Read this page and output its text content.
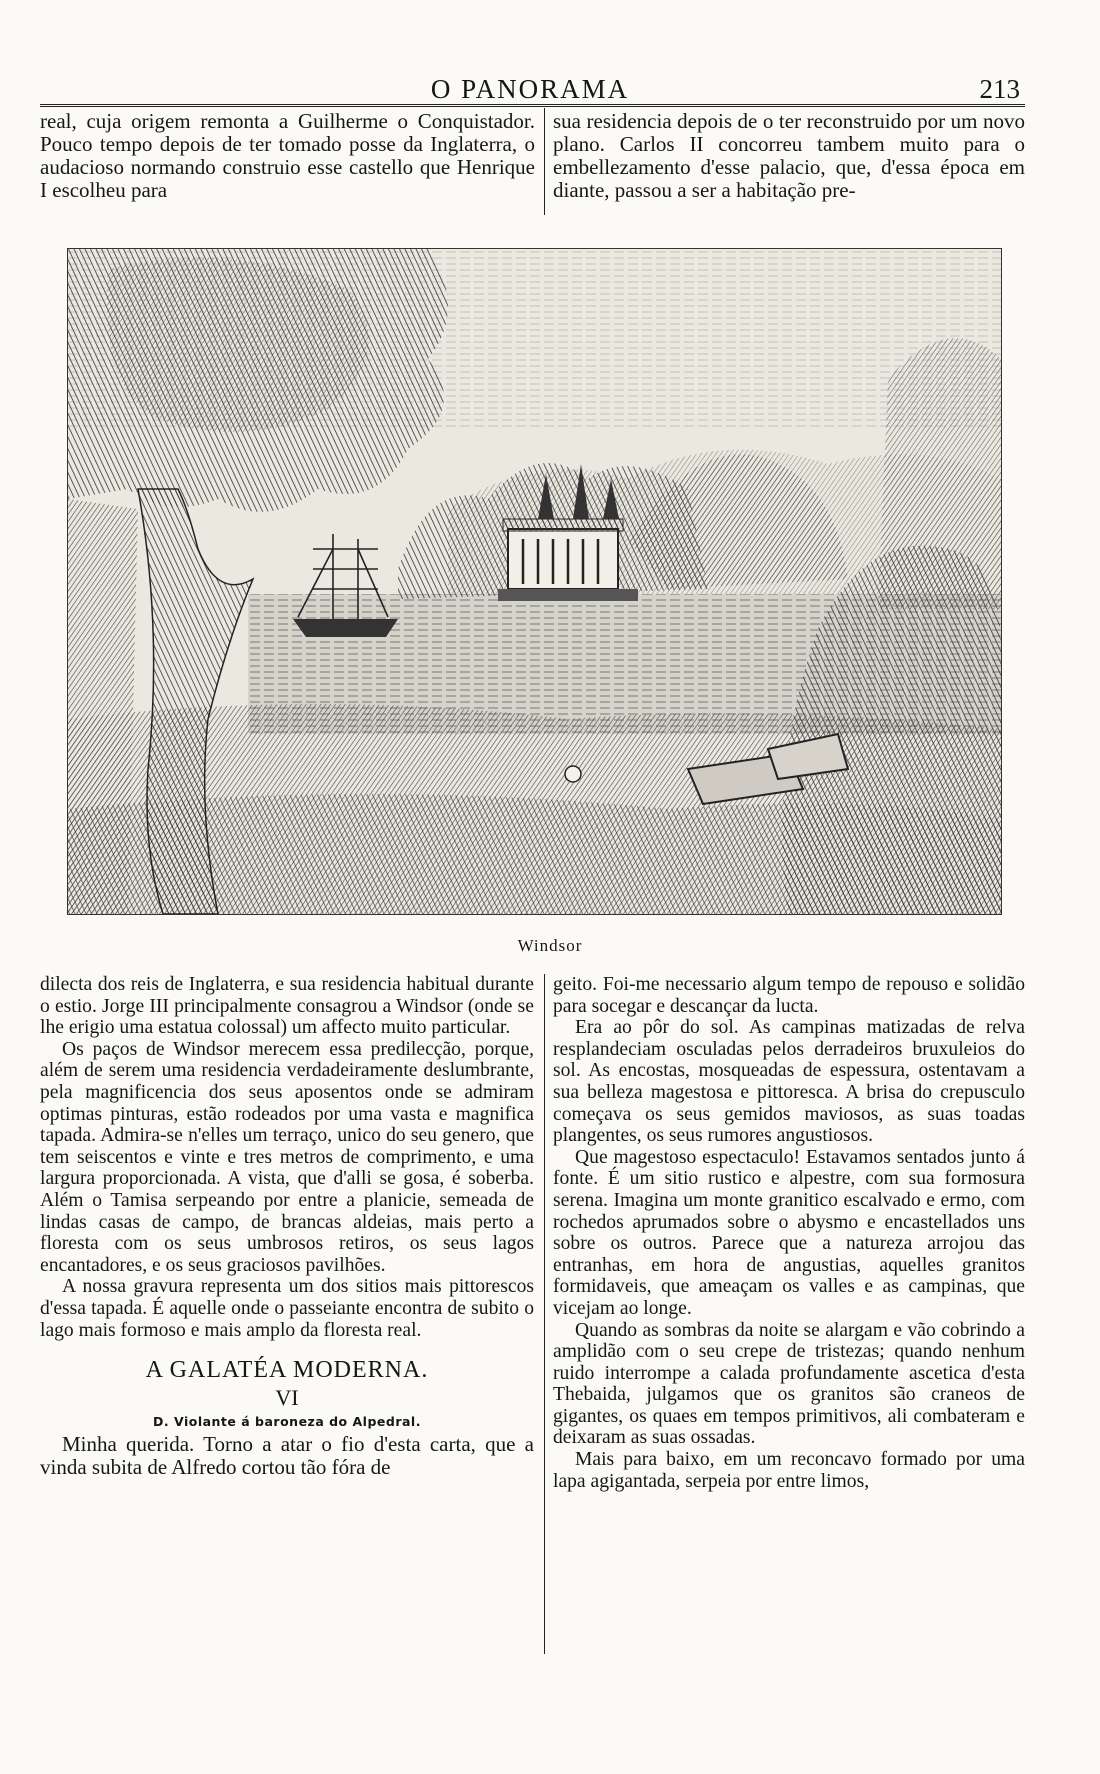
O PANORAMA	213

real, cuja origem remonta a Guilherme o Conquistador. Pouco tempo depois de ter tomado posse da Inglaterra, o audacioso normando construio esse castello que Henrique I escolheu para

sua residencia depois de o ter reconstruido por um novo plano. Carlos II concorreu tambem muito para o embellezamento d'esse palacio, que, d'essa época em diante, passou a ser a habitação pre-

Windsor

dilecta dos reis de Inglaterra, e sua residencia habitual durante o estio. Jorge III principalmente consagrou a Windsor (onde se lhe erigio uma estatua colossal) um affecto muito particular.

Os paços de Windsor merecem essa predilecção, porque, além de serem uma residencia verdadeiramente deslumbrante, pela magnificencia dos seus aposentos onde se admiram optimas pinturas, estão rodeados por uma vasta e magnifica tapada. Admira-se n'elles um terraço, unico do seu genero, que tem seiscentos e vinte e tres metros de comprimento, e uma largura proporcionada. A vista, que d'alli se gosa, é soberba. Além o Tamisa serpeando por entre a planicie, semeada de lindas casas de campo, de brancas aldeias, mais perto a floresta com os seus umbrosos retiros, os seus lagos encantadores, e os seus graciosos pavilhões.

A nossa gravura representa um dos sitios mais pittorescos d'essa tapada. É aquelle onde o passeiante encontra de subito o lago mais formoso e mais amplo da floresta real.

A GALATÉA MODERNA.

VI

D. Violante á baroneza do Alpedral.

Minha querida. Torno a atar o fio d'esta carta, que a vinda subita de Alfredo cortou tão fóra de

geito. Foi-me necessario algum tempo de repouso e solidão para socegar e descançar da lucta.

Era ao pôr do sol. As campinas matizadas de relva resplandeciam osculadas pelos derradeiros bruxuleios do sol. As encostas, mosqueadas de espessura, ostentavam a sua belleza magestosa e pittoresca. A brisa do crepusculo começava os seus gemidos maviosos, as suas toadas plangentes, os seus rumores angustiosos.

Que magestoso espectaculo! Estavamos sentados junto á fonte. É um sitio rustico e alpestre, com sua formosura serena. Imagina um monte granitico escalvado e ermo, com rochedos aprumados sobre o abysmo e encastellados uns sobre os outros. Parece que a natureza arrojou das entranhas, em hora de angustias, aquelles granitos formidaveis, que ameaçam os valles e as campinas, que vicejam ao longe.

Quando as sombras da noite se alargam e vão cobrindo a amplidão com o seu crepe de tristezas; quando nenhum ruido interrompe a calada profundamente ascetica d'esta Thebaida, julgamos que os granitos são craneos de gigantes, os quaes em tempos primitivos, ali combateram e deixaram as suas ossadas.

Mais para baixo, em um reconcavo formado por uma lapa agigantada, serpeia por entre limos,
